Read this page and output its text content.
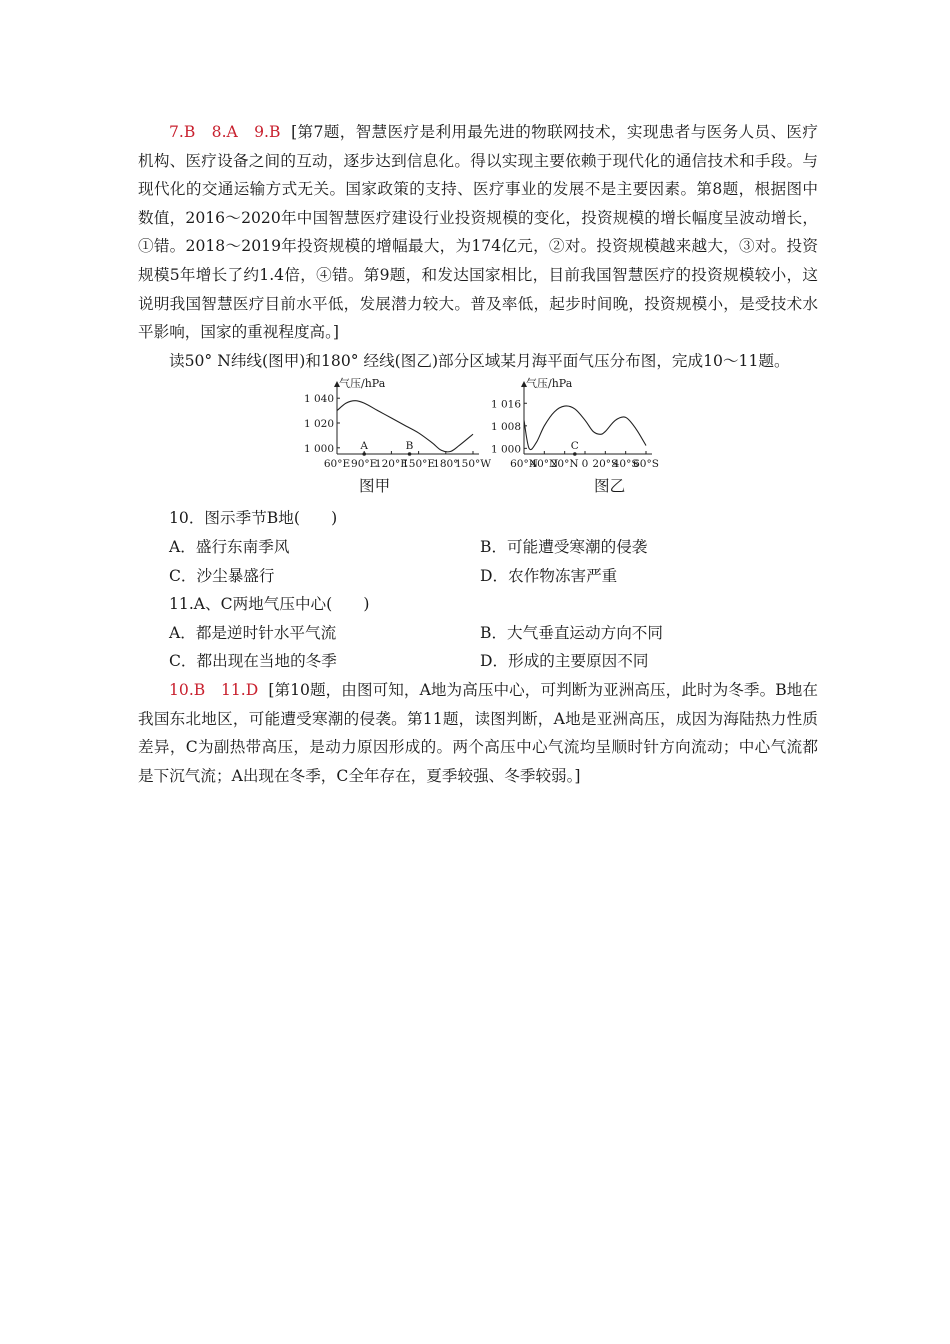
7.B　8.A　9.B [第7题，智慧医疗是利用最先进的物联网技术，实现患者与医务人员、医疗机构、医疗设备之间的互动，逐步达到信息化。得以实现主要依赖于现代化的通信技术和手段。与现代化的交通运输方式无关。国家政策的支持、医疗事业的发展不是主要因素。第8题，根据图中数值，2016～2020年中国智慧医疗建设行业投资规模的变化，投资规模的增长幅度呈波动增长，①错。2018～2019年投资规模的增幅最大，为174亿元，②对。投资规模越来越大，③对。投资规模5年增长了约1.4倍，④错。第9题，和发达国家相比，目前我国智慧医疗的投资规模较小，这说明我国智慧医疗目前水平低，发展潜力较大。普及率低，起步时间晚，投资规模小，是受技术水平影响，国家的重视程度高。]

读50° N纬线(图甲)和180° 经线(图乙)部分区域某月海平面气压分布图，完成10～11题。

气压/hPa
1 040
1 020
1 000
60°E 90°E
120°E
150°E
180°
150°W
A	B
气压/hPa
1 016
1 008
1 000
60°N
40°N
20°N 0 20°S
40°S
60°S
C
图甲	图乙
10．图示季节B地(　　)
A．盛行东南季风	B．可能遭受寒潮的侵袭
C．沙尘暴盛行	D．农作物冻害严重
11.A、C两地气压中心(　　)
A．都是逆时针水平气流	B．大气垂直运动方向不同
C．都出现在当地的冬季	D．形成的主要原因不同

10.B　11.D [第10题，由图可知，A地为高压中心，可判断为亚洲高压，此时为冬季。B地在我国东北地区，可能遭受寒潮的侵袭。第11题，读图判断，A地是亚洲高压，成因为海陆热力性质差异，C为副热带高压，是动力原因形成的。两个高压中心气流均呈顺时针方向流动；中心气流都是下沉气流；A出现在冬季，C全年存在，夏季较强、冬季较弱。]
